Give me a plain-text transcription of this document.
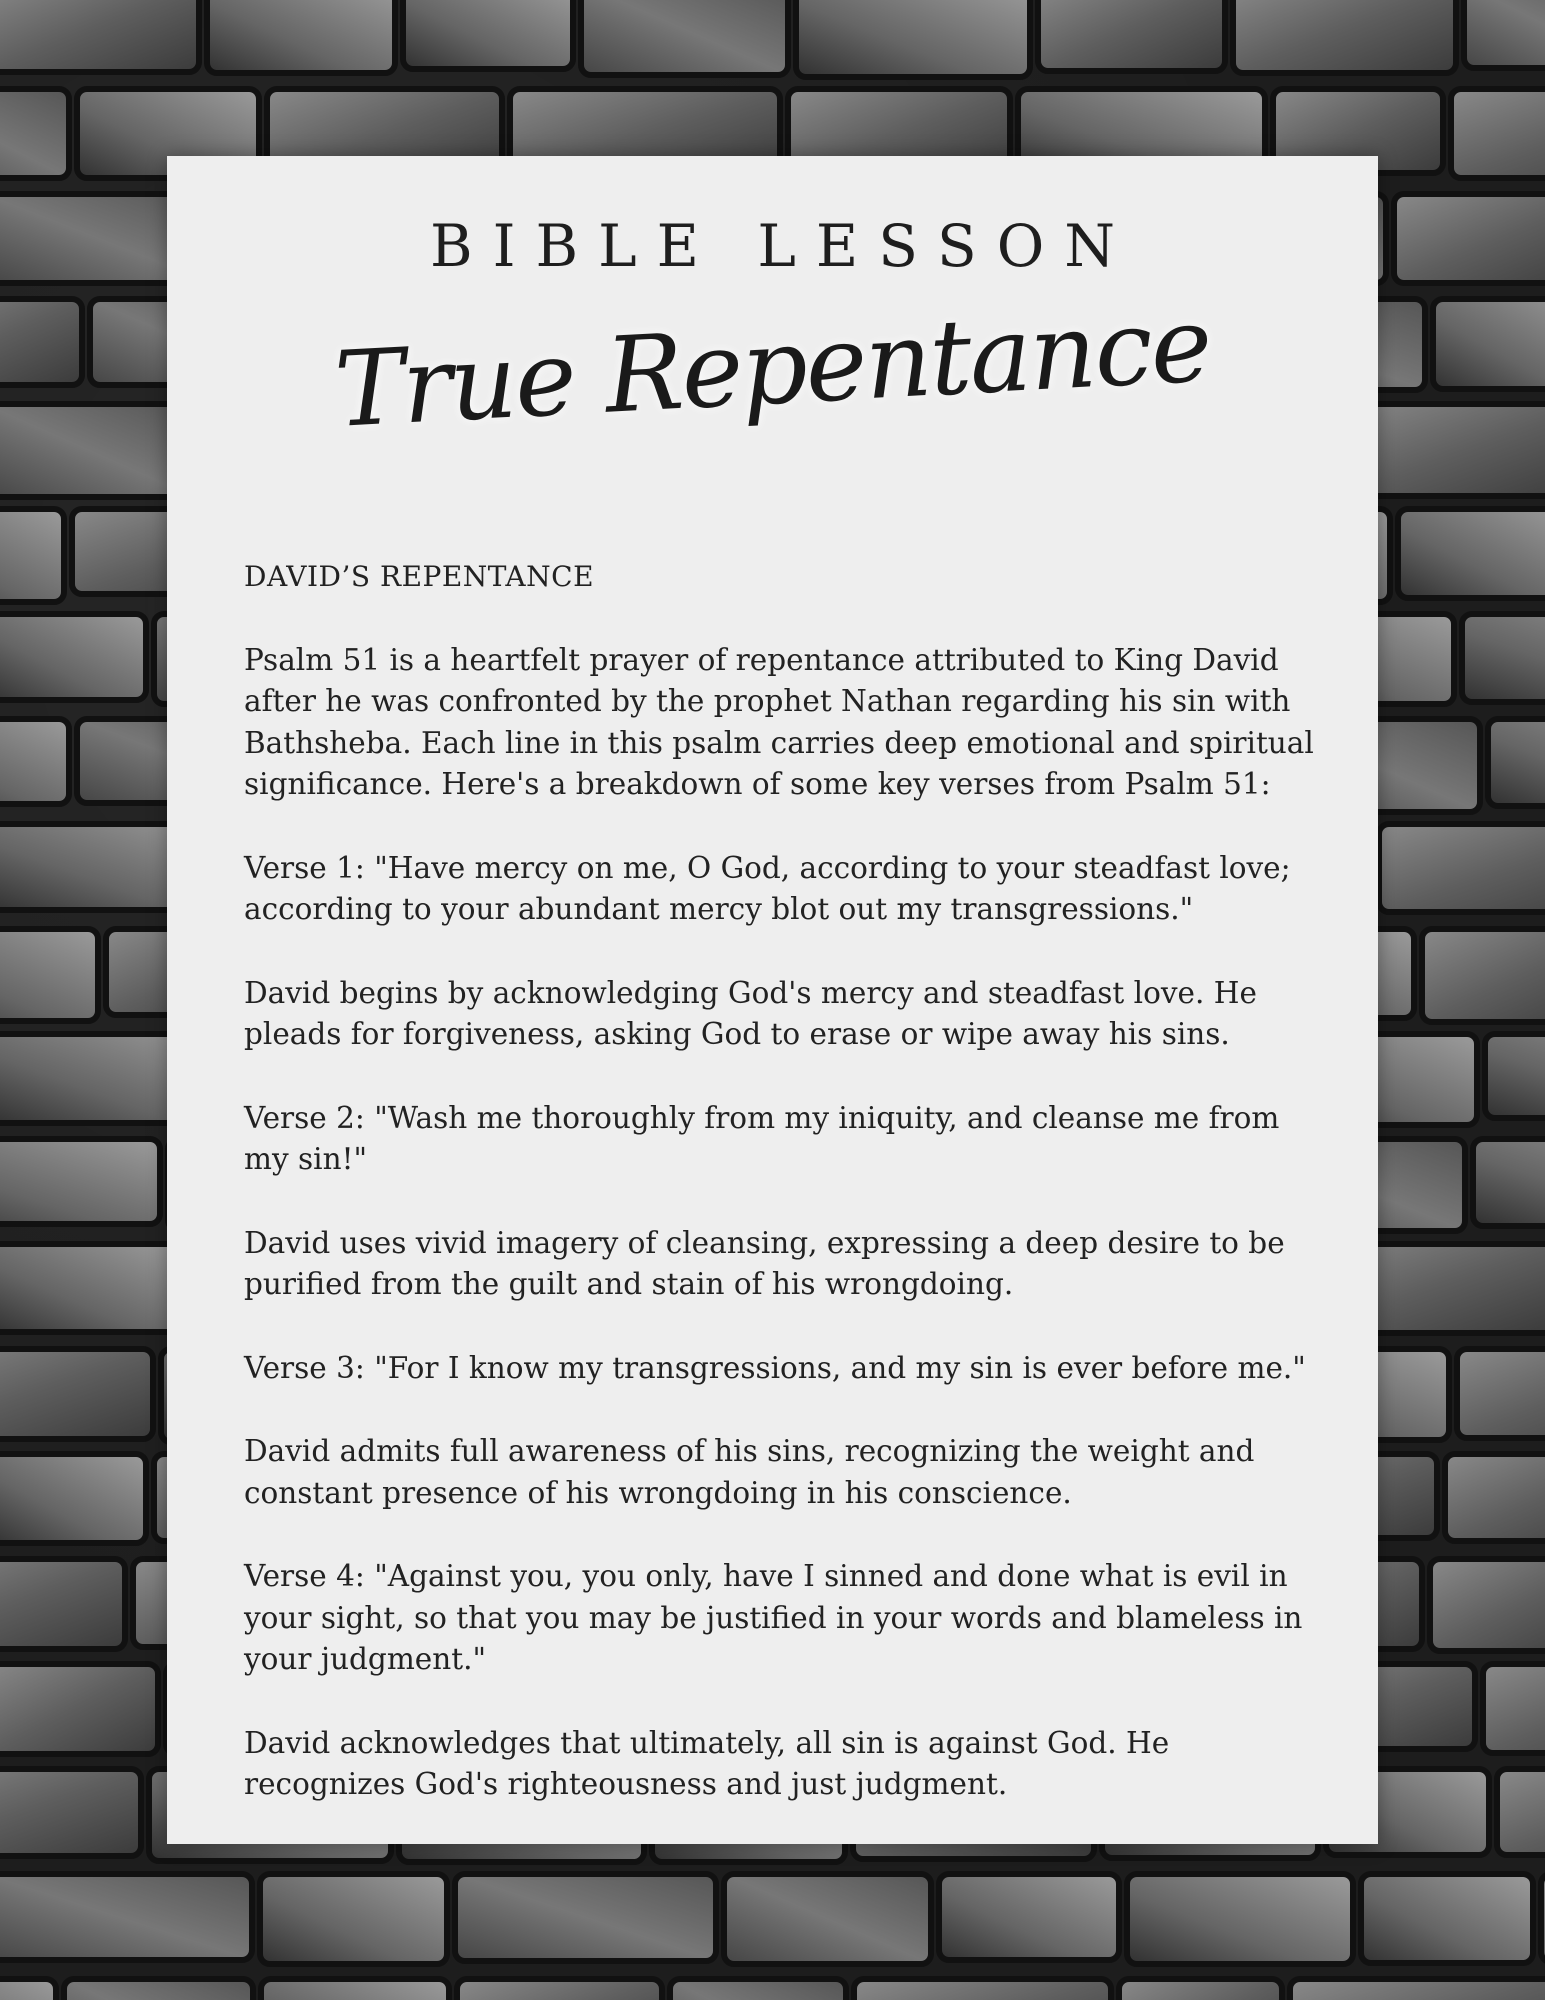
BIBLE LESSON
True Repentance

DAVID’S REPENTANCE

Psalm 51 is a heartfelt prayer of repentance attributed to King David after he was confronted by the prophet Nathan regarding his sin with Bathsheba. Each line in this psalm carries deep emotional and spiritual significance. Here's a breakdown of some key verses from Psalm 51:

Verse 1: "Have mercy on me, O God, according to your steadfast love; according to your abundant mercy blot out my transgressions."

David begins by acknowledging God's mercy and steadfast love. He pleads for forgiveness, asking God to erase or wipe away his sins.

Verse 2: "Wash me thoroughly from my iniquity, and cleanse me from my sin!"

David uses vivid imagery of cleansing, expressing a deep desire to be purified from the guilt and stain of his wrongdoing.

Verse 3: "For I know my transgressions, and my sin is ever before me."

David admits full awareness of his sins, recognizing the weight and constant presence of his wrongdoing in his conscience.

Verse 4: "Against you, you only, have I sinned and done what is evil in your sight, so that you may be justified in your words and blameless in your judgment."

David acknowledges that ultimately, all sin is against God. He recognizes God's righteousness and just judgment.
